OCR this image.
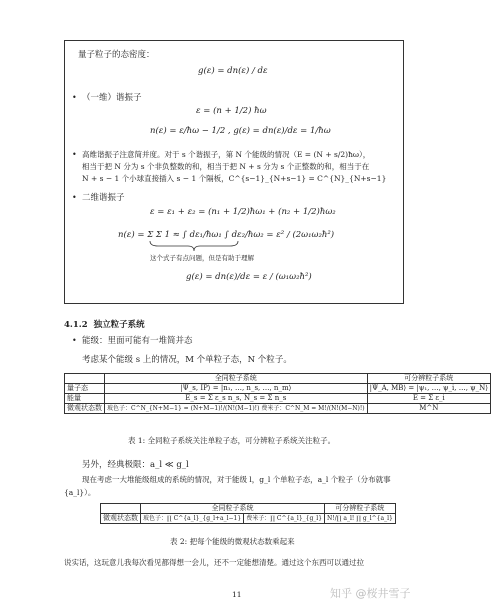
量子粒子的态密度：
g(ε) = dn(ε) / dε
• （一维）谐振子
ε = (n + 1/2) ħω
n(ε) = ε/ħω − 1/2 , g(ε) = dn(ε)/dε = 1/ħω
• 高维谐振子注意简并度。对于 s 个谐振子，第 N 个能级的情况（E = (N + s/2)ħω），
相当于把 N 分为 s 个非负整数的和，相当于把 N + s 分为 s 个正整数的和，相当于在
N + s − 1 个小球直接插入 s − 1 个隔板，C^{s−1}_{N+s−1} = C^{N}_{N+s−1}
• 二维谐振子
ε = ε₁ + ε₂ = (n₁ + 1/2)ħω₁ + (n₂ + 1/2)ħω₂
n(ε) = Σ Σ 1 ≈ ∫ dε₁/ħω₁ ∫ dε₂/ħω₂ = ε² / (2ω₁ω₂ħ²)
这个式子有点问题，但是有助于理解
g(ε) = dn(ε)/dε = ε / (ω₁ω₂ħ²)
4.1.2 独立粒子系统
• 能级：里面可能有一堆简并态
考虑某个能级 s 上的情况，M 个单粒子态，N 个粒子。
	全同粒子系统	可分辨粒子系统
量子态	|Ψ_s, IP⟩ = |n₁, …, n_s, …, n_m⟩	|Ψ_A, MB⟩ = |ψ₁, …, ψ_i, …, ψ_N⟩
能量	E_s = Σ ε_s n_s, N_s = Σ n_s	E = Σ ε_i
微观状态数	玻色子：C^N_{N+M−1} = (N+M−1)!/(N!(M−1)!) 费米子：C^N_M = M!/(N!(M−N)!)	M^N
表 1: 全同粒子系统关注单粒子态，可分辨粒子系统关注粒子。
另外，经典极限：a_l ≪ g_l
现在考虑一大堆能级组成的系统的情况，对于能级 l，g_l 个单粒子态，a_l 个粒子（分布就事
{a_l}）。
	全同粒子系统		可分辨粒子系统
微观状态数	玻色子：∏ C^{a_l}_{g_l+a_l−1}	费米子：∏ C^{a_l}_{g_l}	N!/∏ a_l! ∏ g_l^{a_l}
表 2: 把每个能级的微观状态数乘起来
说实话，这玩意儿我每次看见都得想一会儿，还不一定能想清楚。通过这个东西可以通过拉
11	知乎 @桜井雪子
